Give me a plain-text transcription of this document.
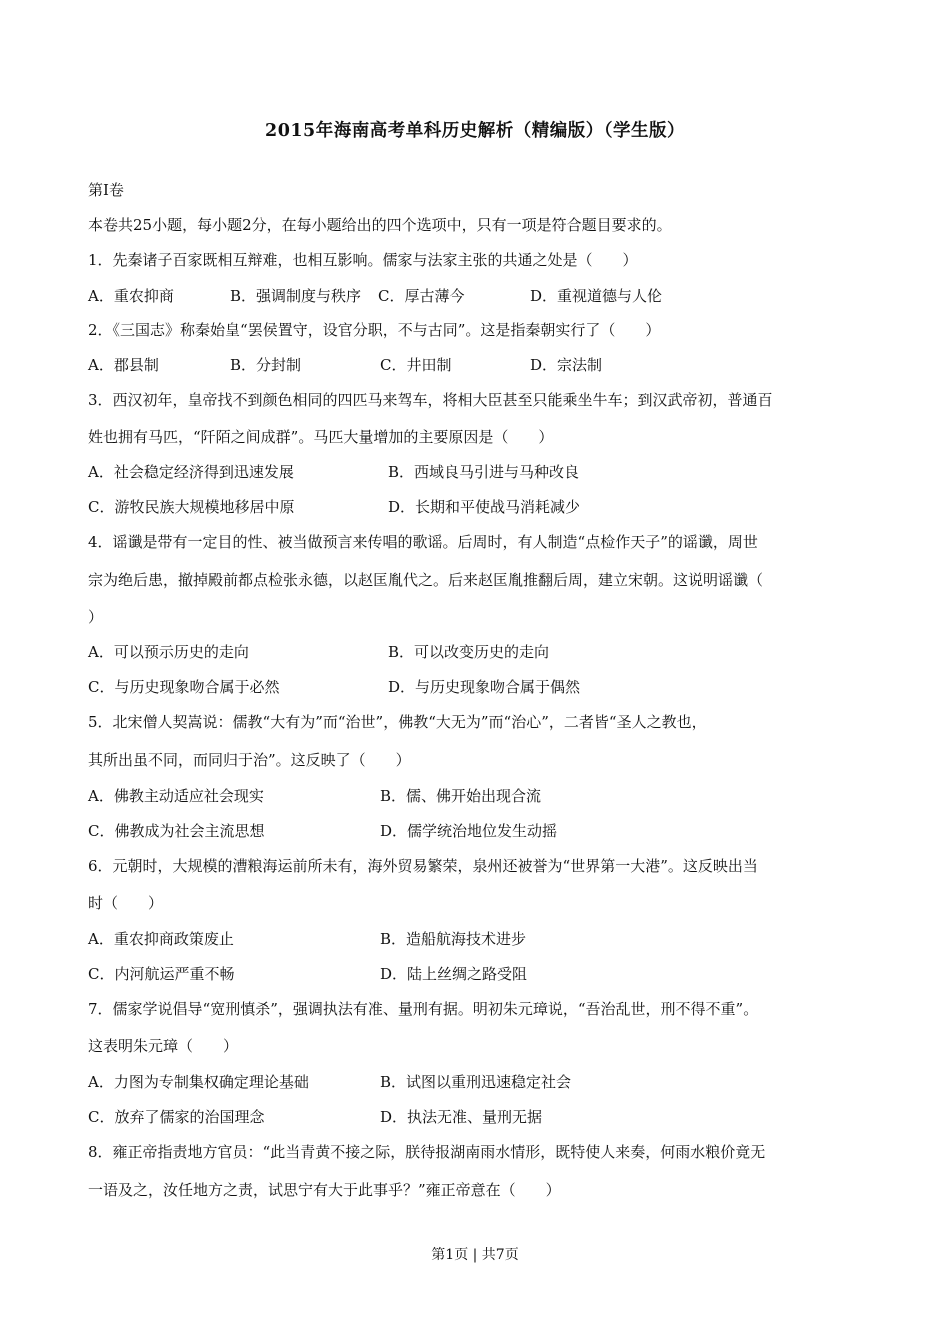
2015年海南高考单科历史解析（精编版）（学生版）
第Ⅰ卷
本卷共25小题，每小题2分，在每小题给出的四个选项中，只有一项是符合题目要求的。
1．先秦诸子百家既相互辩难，也相互影响。儒家与法家主张的共通之处是（　　）
A．重农抑商	B．强调制度与秩序 C．厚古薄今	D．重视道德与人伦
2．《三国志》称秦始皇“罢侯置守，设官分职，不与古同”。这是指秦朝实行了（　　）
A．郡县制	B．分封制	C．井田制	D．宗法制
3．西汉初年，皇帝找不到颜色相同的四匹马来驾车，将相大臣甚至只能乘坐牛车；到汉武帝初，普通百
姓也拥有马匹，“阡陌之间成群”。马匹大量增加的主要原因是（　　）
A．社会稳定经济得到迅速发展	B．西域良马引进与马种改良
C．游牧民族大规模地移居中原	D．长期和平使战马消耗减少
4．谣谶是带有一定目的性、被当做预言来传唱的歌谣。后周时，有人制造“点检作天子”的谣谶，周世
宗为绝后患，撤掉殿前都点检张永德，以赵匡胤代之。后来赵匡胤推翻后周，建立宋朝。这说明谣谶（
）
A．可以预示历史的走向	B．可以改变历史的走向
C．与历史现象吻合属于必然	D．与历史现象吻合属于偶然
5．北宋僧人契嵩说：儒教“大有为”而“治世”，佛教“大无为”而“治心”，二者皆“圣人之教也，
其所出虽不同，而同归于治”。这反映了（　　）
A．佛教主动适应社会现实	B．儒、佛开始出现合流
C．佛教成为社会主流思想	D．儒学统治地位发生动摇
6．元朝时，大规模的漕粮海运前所未有，海外贸易繁荣，泉州还被誉为“世界第一大港”。这反映出当
时（　　）
A．重农抑商政策废止	B．造船航海技术进步
C．内河航运严重不畅	D．陆上丝绸之路受阻
7．儒家学说倡导“宽刑慎杀”，强调执法有准、量刑有据。明初朱元璋说，“吾治乱世，刑不得不重”。
这表明朱元璋（　　）
A．力图为专制集权确定理论基础	B．试图以重刑迅速稳定社会
C．放弃了儒家的治国理念	D．执法无准、量刑无据
8．雍正帝指责地方官员：“此当青黄不接之际，朕待报湖南雨水情形，既特使人来奏，何雨水粮价竟无
一语及之，汝任地方之责，试思宁有大于此事乎？”雍正帝意在（　　）
第1页 | 共7页
